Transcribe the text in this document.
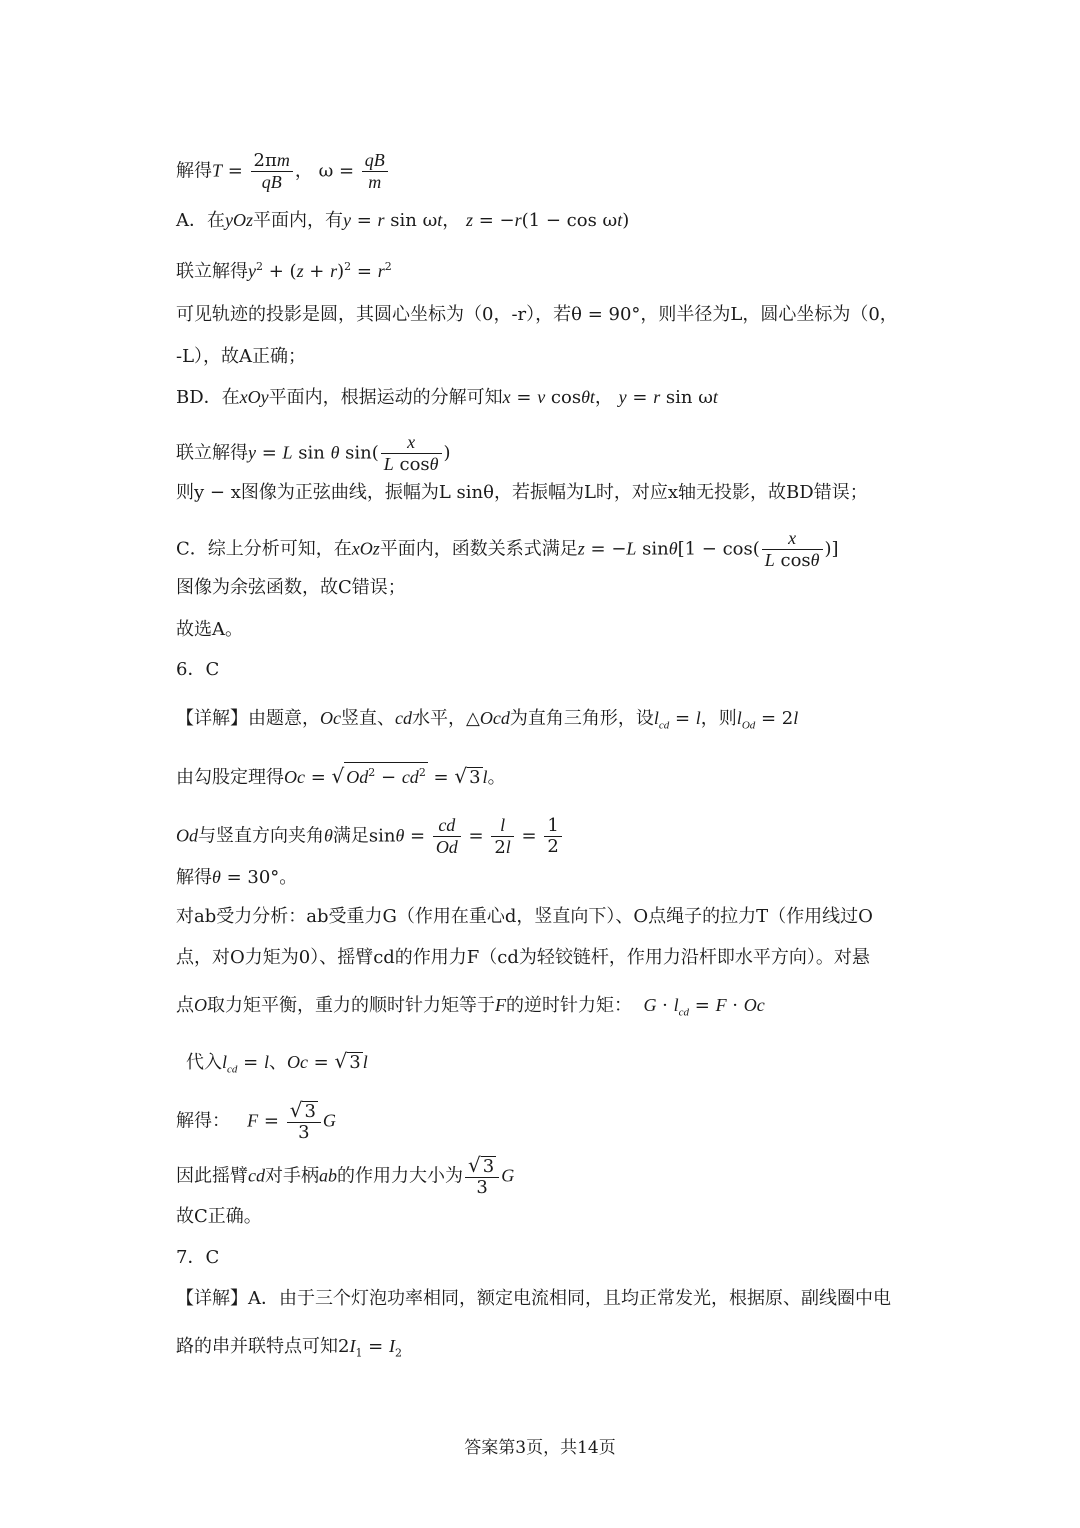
解得$T = \frac{2\pi m}{qB}$ ， $\omega = \frac{qB}{m}$
A．在yOz平面内，有y = r sin ωt， z = −r(1 − cos ωt)
联立解得$y^2 + (z + r)^2 = r^2$
可见轨迹的投影是圆，其圆心坐标为（0，-r），若θ = 90°，则半径为L，圆心坐标为（0，
-L），故A正确；
BD．在xOy平面内，根据运动的分解可知x = v cosθt， y = r sin ωt
联立解得y = L sin θ $\sin( \frac{x}{\text{L cosθ}}$ )
则y − x图像为正弦曲线，振幅为L sinθ，若振幅为L时，对应x轴无投影，故BD错误；
C．综上分析可知，在xOz平面内，函数关系式满足z = −L $\sin\theta[1 - \cos( \frac{x}{\text{L cosθ}}$ )]
图像为余弦函数，故C错误；
故选A。
6．C
【详解】由题意，Oc竖直、cd水平，△Ocd为直角三角形，设$l_{cd} = l$，则$l_{Od} = 2l$
由勾股定理得Oc = √ $Od^2 - cd^2$ = √ 3 l。
Od与竖直方向夹角θ满足$\sin\theta = \frac{cd}{Od} = \frac{l}{2l} = \frac{1}{2}$
解得θ = 30°。
对ab受力分析：ab受重力G（作用在重心d，竖直向下）、O点绳子的拉力T（作用线过O
点，对O力矩为0）、摇臂cd的作用力F（cd为轻铰链杆，作用力沿杆即水平方向）。对悬
点O取力矩平衡，重力的顺时针力矩等于F的逆时针力矩：  $G \cdot l_{cd} = F \cdot Oc$
代入$l_{cd} = l$、Oc = √ 3 l
解得：   $F = \frac{√ 3}{3}$ G
因此摇臂cd对手柄ab的作用力大小为 $\frac{√ 3}{3}$ G
故C正确。
7．C
【详解】A．由于三个灯泡功率相同，额定电流相同，且均正常发光，根据原、副线圈中电
路的串并联特点可知$2I_1 = I_2$
答案第3页，共14页
